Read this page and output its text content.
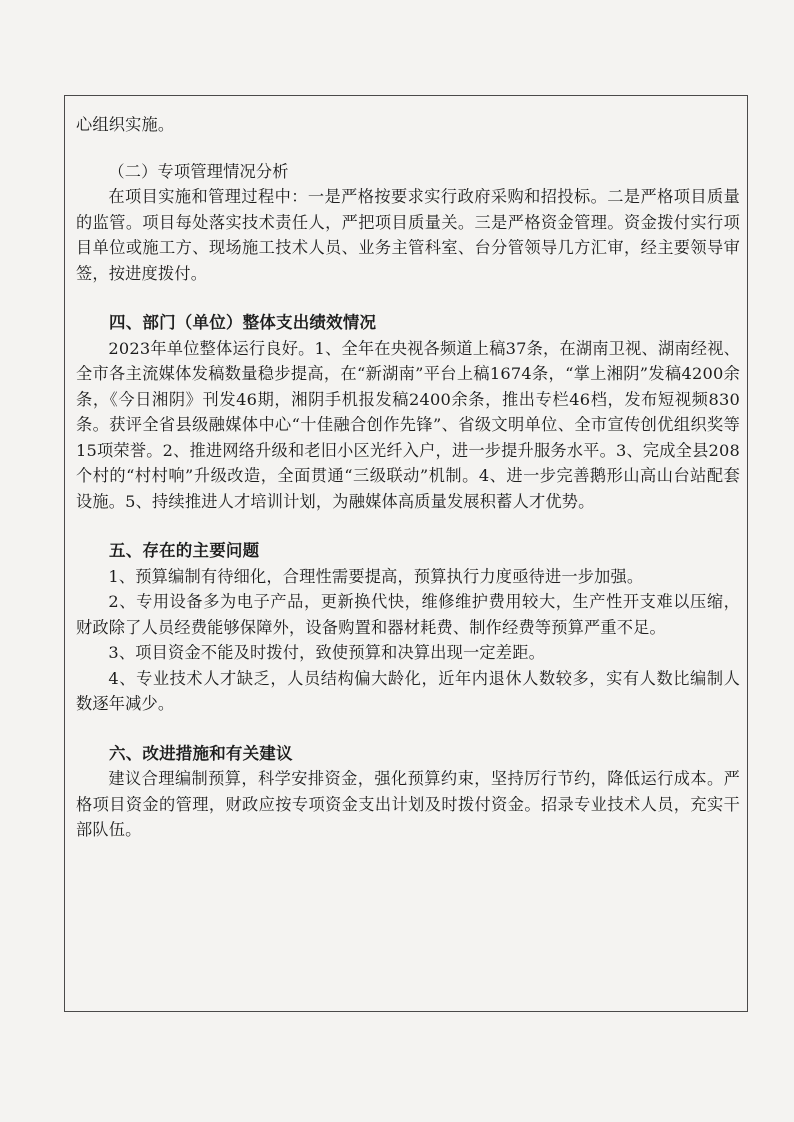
心组织实施。

（二）专项管理情况分析

在项目实施和管理过程中：一是严格按要求实行政府采购和招投标。二是严格项目质量的监管。项目每处落实技术责任人，严把项目质量关。三是严格资金管理。资金拨付实行项目单位或施工方、现场施工技术人员、业务主管科室、台分管领导几方汇审，经主要领导审签，按进度拨付。

四、部门（单位）整体支出绩效情况

2023年单位整体运行良好。1、全年在央视各频道上稿37条，在湖南卫视、湖南经视、全市各主流媒体发稿数量稳步提高，在“新湖南”平台上稿1674条，“掌上湘阴”发稿4200余条，《今日湘阴》刊发46期，湘阴手机报发稿2400余条，推出专栏46档，发布短视频830条。获评全省县级融媒体中心“十佳融合创作先锋”、省级文明单位、全市宣传创优组织奖等15项荣誉。2、推进网络升级和老旧小区光纤入户，进一步提升服务水平。3、完成全县208个村的“村村响”升级改造，全面贯通“三级联动”机制。4、进一步完善鹅形山高山台站配套设施。5、持续推进人才培训计划，为融媒体高质量发展积蓄人才优势。

五、存在的主要问题

1、预算编制有待细化，合理性需要提高，预算执行力度亟待进一步加强。

2、专用设备多为电子产品，更新换代快，维修维护费用较大，生产性开支难以压缩，财政除了人员经费能够保障外，设备购置和器材耗费、制作经费等预算严重不足。

3、项目资金不能及时拨付，致使预算和决算出现一定差距。

4、专业技术人才缺乏，人员结构偏大龄化，近年内退休人数较多，实有人数比编制人数逐年减少。

六、改进措施和有关建议

建议合理编制预算，科学安排资金，强化预算约束，坚持厉行节约，降低运行成本。严格项目资金的管理，财政应按专项资金支出计划及时拨付资金。招录专业技术人员，充实干部队伍。
